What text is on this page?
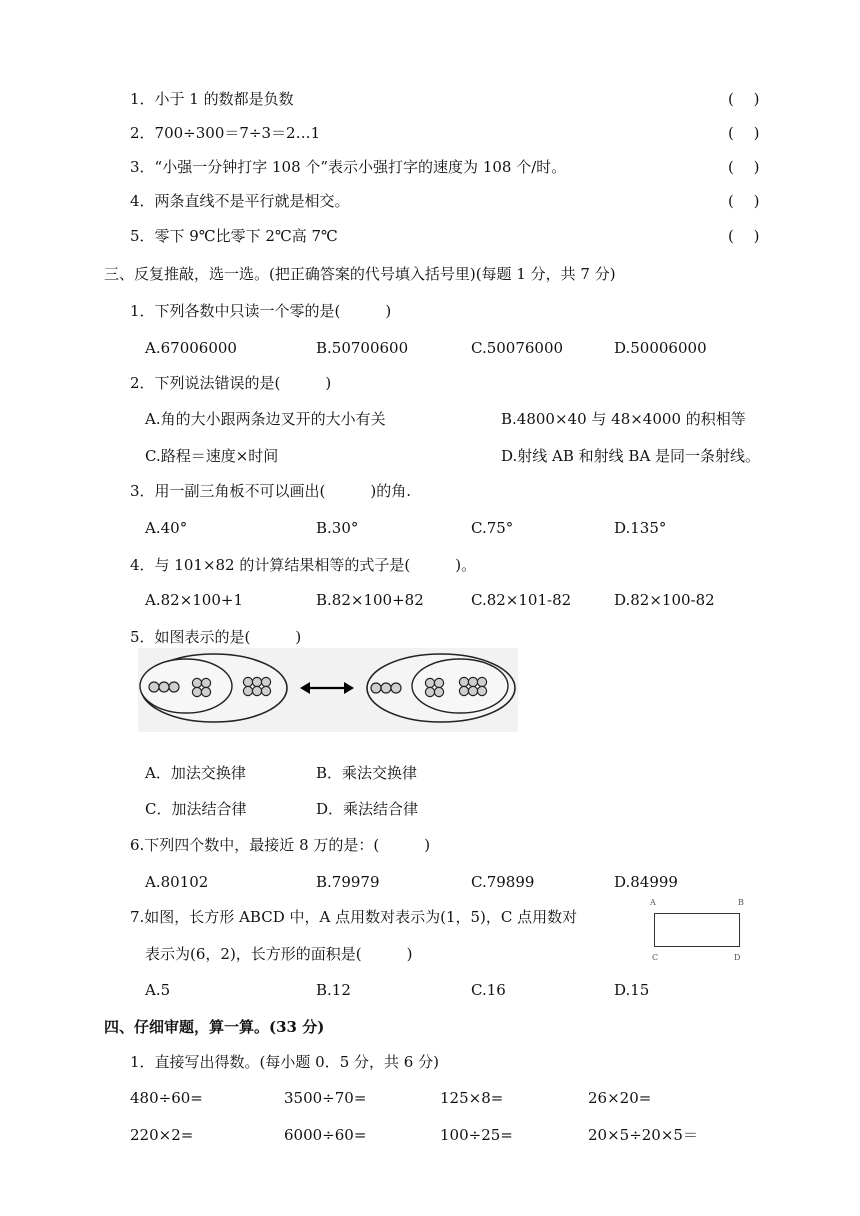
1．小于 1 的数都是负数	(　 )
2．700÷300＝7÷3＝2…1	(　 )
3．“小强一分钟打字 108 个”表示小强打字的速度为 108 个/时。	(　 )
4．两条直线不是平行就是相交。	(　 )
5．零下 9℃比零下 2℃高 7℃	(　 )
三、反复推敲，选一选。(把正确答案的代号填入括号里)(每题 1 分，共 7 分)
1．下列各数中只读一个零的是(　　　)
A.67006000	B.50700600	C.50076000	D.50006000
2．下列说法错误的是(　　　)
A.角的大小跟两条边叉开的大小有关	B.4800×40 与 48×4000 的积相等
C.路程＝速度×时间	D.射线 AB 和射线 BA 是同一条射线。
3．用一副三角板不可以画出(　　　)的角.
A.40°	B.30°	C.75°	D.135°
4．与 101×82 的计算结果相等的式子是(　　　)。
A.82×100+1	B.82×100+82	C.82×101-82	D.82×100-82
5．如图表示的是(　　　)
A．加法交换律	B．乘法交换律
C．加法结合律	D．乘法结合律
6.下列四个数中，最接近 8 万的是：(　　　)
A.80102	B.79979	C.79899	D.84999
7.如图，长方形 ABCD 中，A 点用数对表示为(1，5)，C 点用数对
表示为(6，2)，长方形的面积是(　　　)
A	B
C	D
A.5	B.12	C.16	D.15
四、仔细审题，算一算。(33 分)
1．直接写出得数。(每小题 0．5 分，共 6 分)
480÷60=	3500÷70=	125×8=	26×20=
220×2=	6000÷60=	100÷25=	20×5÷20×5＝
